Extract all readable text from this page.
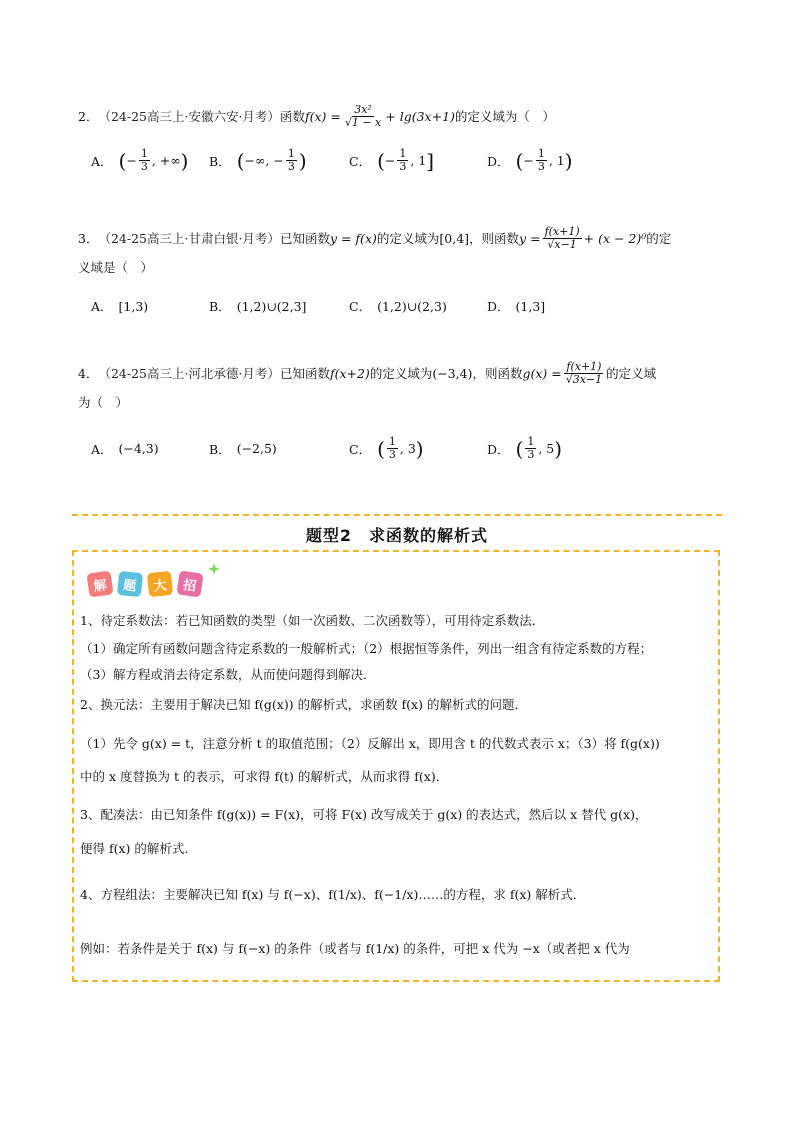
2． （24-25高三上·安徽六安·月考） 函数 $f(x) = \frac{\text{3x²}}{√1 - x} + \lg(3x+1)$ 的定义域为（　）
A． ( − $\frac{1}{3}$ , +∞ ) B． ( −∞, − $\frac{1}{3}$ )	C． ( − $\frac{1}{3}$ , 1 ]	D． ( − $\frac{1}{3}$ , 1 )
3． （24-25高三上·甘肃白银·月考） 已知函数 y = f(x) 的定义域为 [0,4] ，则函数 $y = \frac{f(x+1)}{√x-1} + (x - 2)^0$ 的定
义域是（　）
A． [1,3)	B． (1,2)∪(2,3]	C． (1,2)∪(2,3)	D． (1,3]
4． （24-25高三上·河北承德·月考） 已知函数 f(x+2) 的定义域为 (−3,4) ，则函数 $g(x) = \frac{f(x+1)}{√3x-1}$ 的定义域
为（　）
A． (−4,3)	B． (−2,5)	C． ( $\frac{1}{3}$ , 3 )	D． ( $\frac{1}{3}$ , 5 )
题型2　求函数的解析式
解	题	大	招
1、待定系数法：若已知函数的类型（如一次函数、二次函数等），可用待定系数法．
（1）确定所有函数问题含待定系数的一般解析式；（2）根据恒等条件，列出一组含有待定系数的方程；
（3）解方程或消去待定系数，从而使问题得到解决．
2、换元法：主要用于解决已知 f(g(x)) 的解析式，求函数 f(x) 的解析式的问题．
（1）先令 g(x) = t，注意分析 t 的取值范围；（2）反解出 x，即用含 t 的代数式表示 x；（3）将 f(g(x))
中的 x 度替换为 t 的表示，可求得 f(t) 的解析式，从而求得 f(x)．
3、配凑法：由已知条件 f(g(x)) = F(x)，可将 F(x) 改写成关于 g(x) 的表达式，然后以 x 替代 g(x)，
便得 f(x) 的解析式．
4、方程组法：主要解决已知 f(x) 与 f(−x)、f(1/x)、f(−1/x)……的方程，求 f(x) 解析式．
例如：若条件是关于 f(x) 与 f(−x) 的条件（或者与 f(1/x) 的条件，可把 x 代为 −x（或者把 x 代为
